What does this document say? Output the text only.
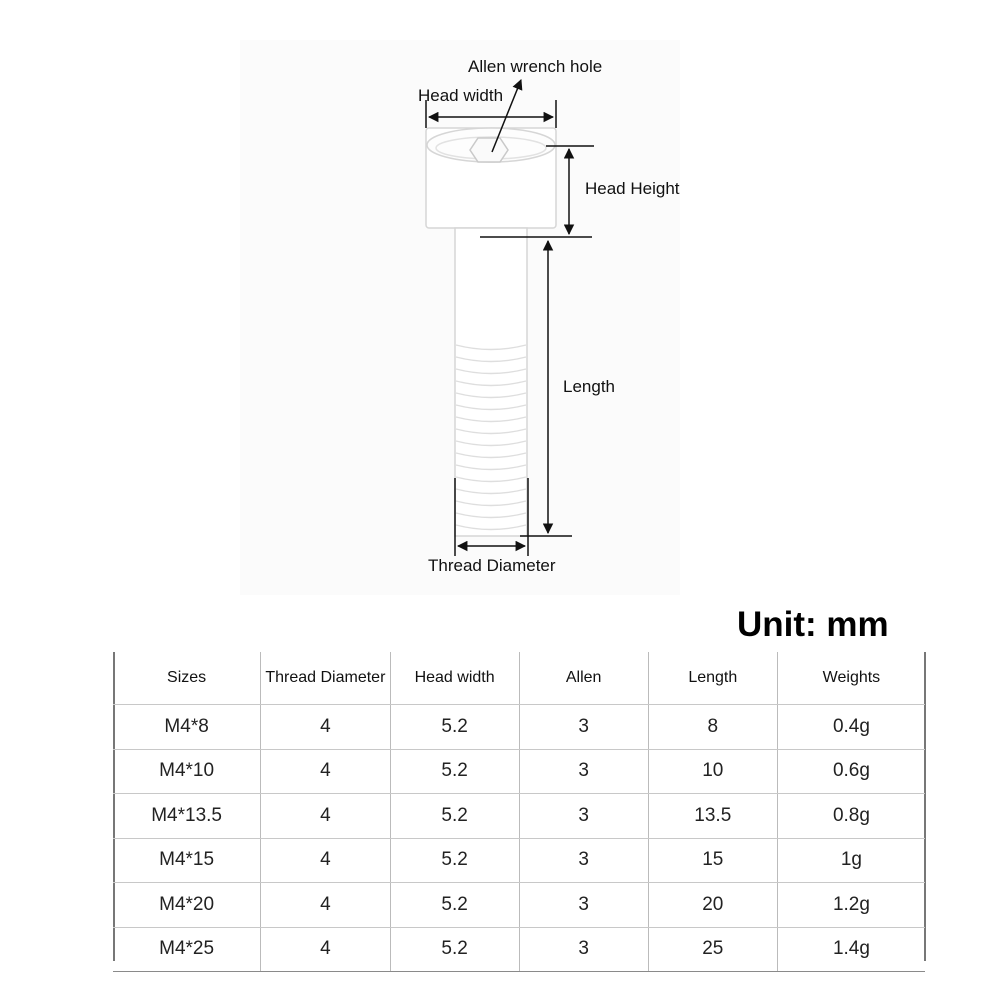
Allen wrench hole
Head width
Head Height
Length
Thread Diameter
Unit: mm
Sizes	Thread Diameter	Head width	Allen	Length	Weights
M4*8	4	5.2	3	8	0.4g
M4*10	4	5.2	3	10	0.6g
M4*13.5	4	5.2	3	13.5	0.8g
M4*15	4	5.2	3	15	1g
M4*20	4	5.2	3	20	1.2g
M4*25	4	5.2	3	25	1.4g
